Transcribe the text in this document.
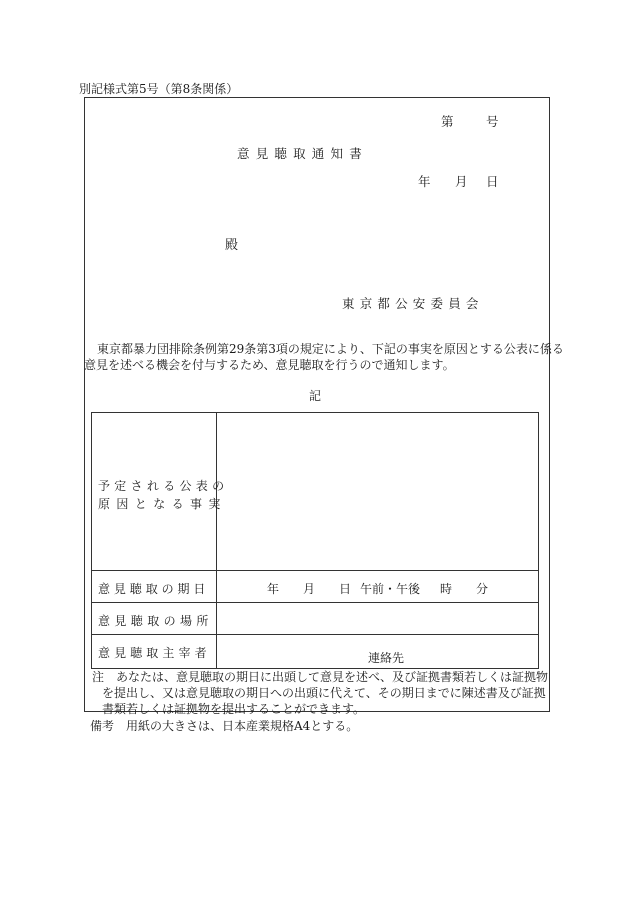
別記様式第5号（第8条関係）
第	号
意見聴取通知書
年 月 日
殿
東京都公安委員会
東京都暴力団排除条例第29条第3項の規定により、下記の事実を原因とする公表に係る
意見を述べる機会を付与するため、意見聴取を行うので通知します。
記
予定される公表の
原因となる事実
意見聴取の期日	年 月 日 午前・午後 時 分
意見聴取の場所
意見聴取主宰者	連絡先
注　あなたは、意見聴取の期日に出頭して意見を述べ、及び証拠書類若しくは証拠物
を提出し、又は意見聴取の期日への出頭に代えて、その期日までに陳述書及び証拠
書類若しくは証拠物を提出することができます。
備考　用紙の大きさは、日本産業規格A4とする。
